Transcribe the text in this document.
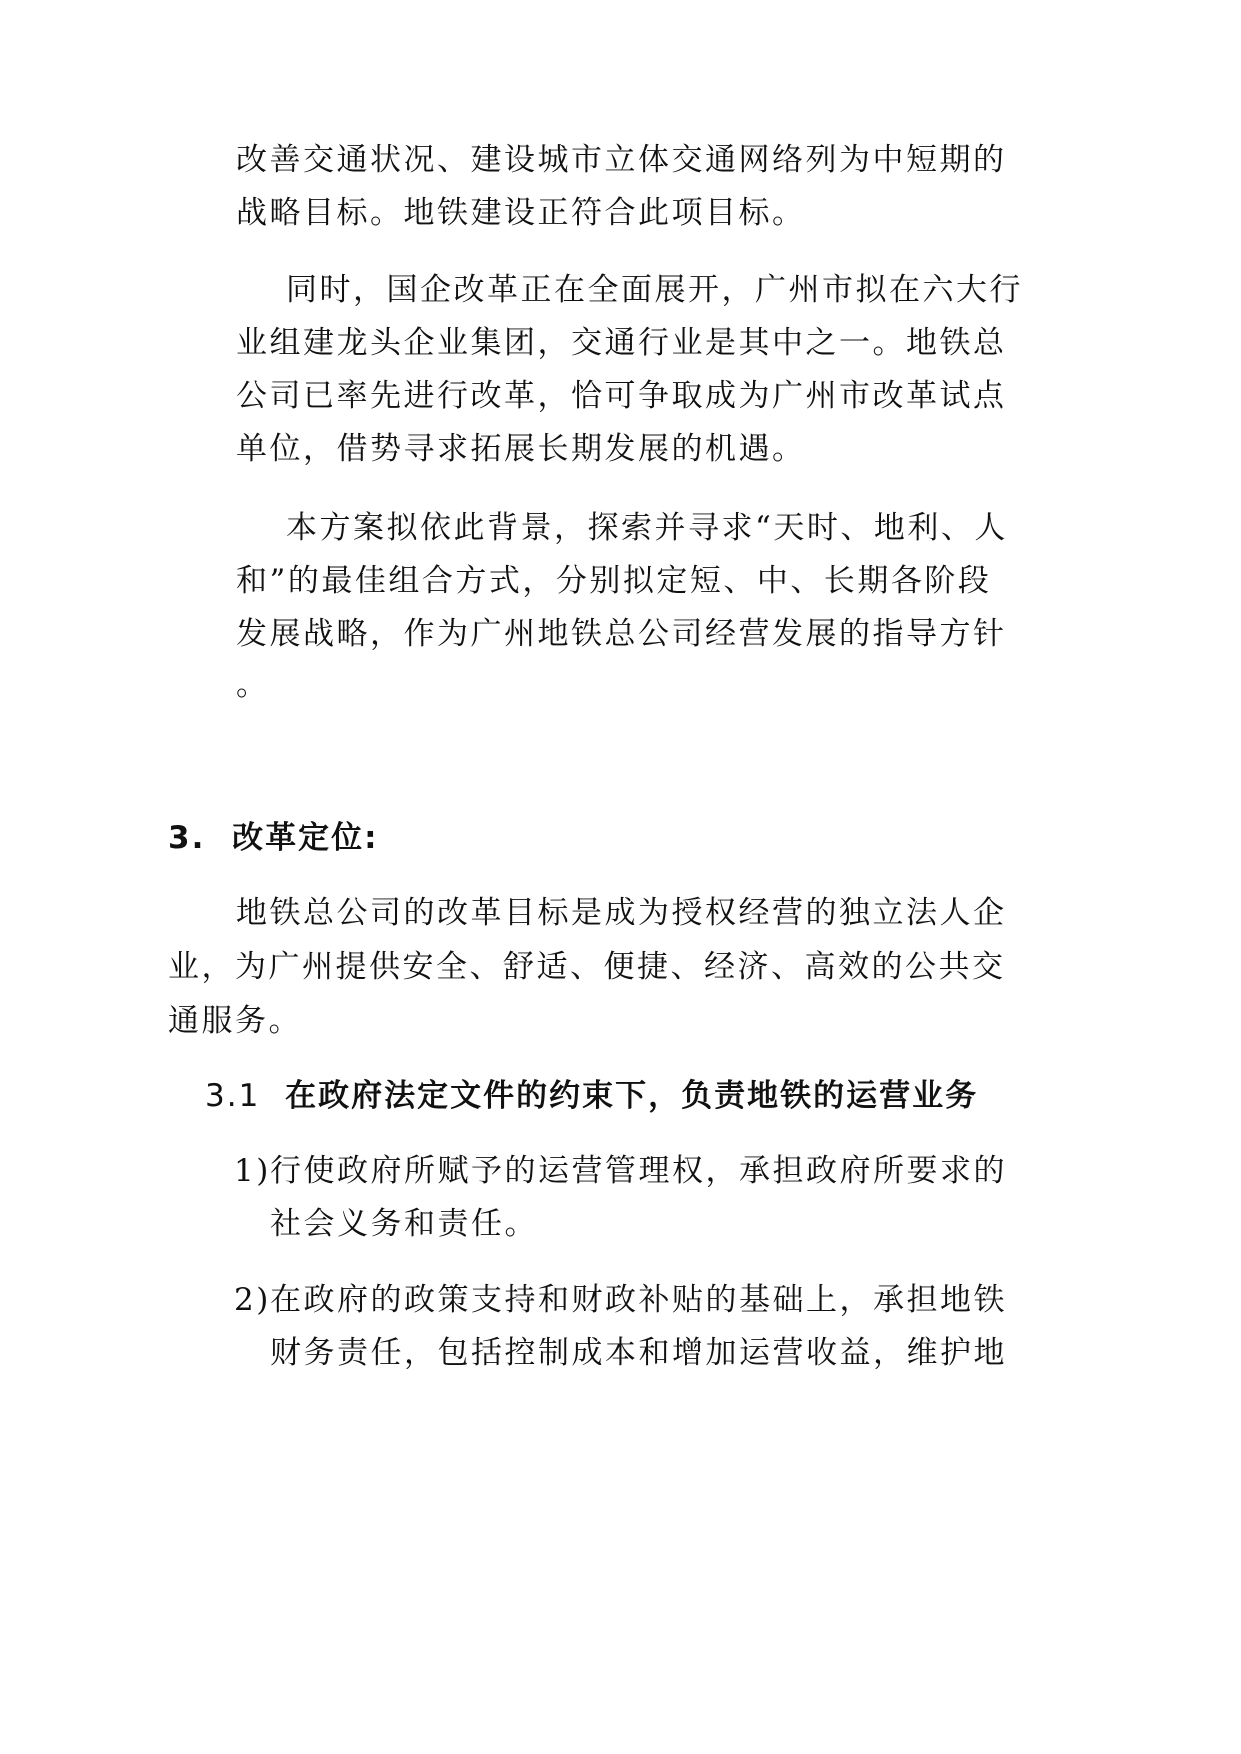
改善交通状况、建设城市立体交通网络列为中短期的
战略目标。地铁建设正符合此项目标。
同时，国企改革正在全面展开，广州市拟在六大行
业组建龙头企业集团，交通行业是其中之一。地铁总
公司已率先进行改革，恰可争取成为广州市改革试点
单位，借势寻求拓展长期发展的机遇。
本方案拟依此背景，探索并寻求“天时、地利、人
和”的最佳组合方式，分别拟定短、中、长期各阶段
发展战略，作为广州地铁总公司经营发展的指导方针
。
3. 改革定位:
地铁总公司的改革目标是成为授权经营的独立法人企
业，为广州提供安全、舒适、便捷、经济、高效的公共交
通服务。
3.1 在政府法定文件的约束下，负责地铁的运营业务
1) 行使政府所赋予的运营管理权，承担政府所要求的
社会义务和责任。
2) 在政府的政策支持和财政补贴的基础上，承担地铁
财务责任，包括控制成本和增加运营收益，维护地
